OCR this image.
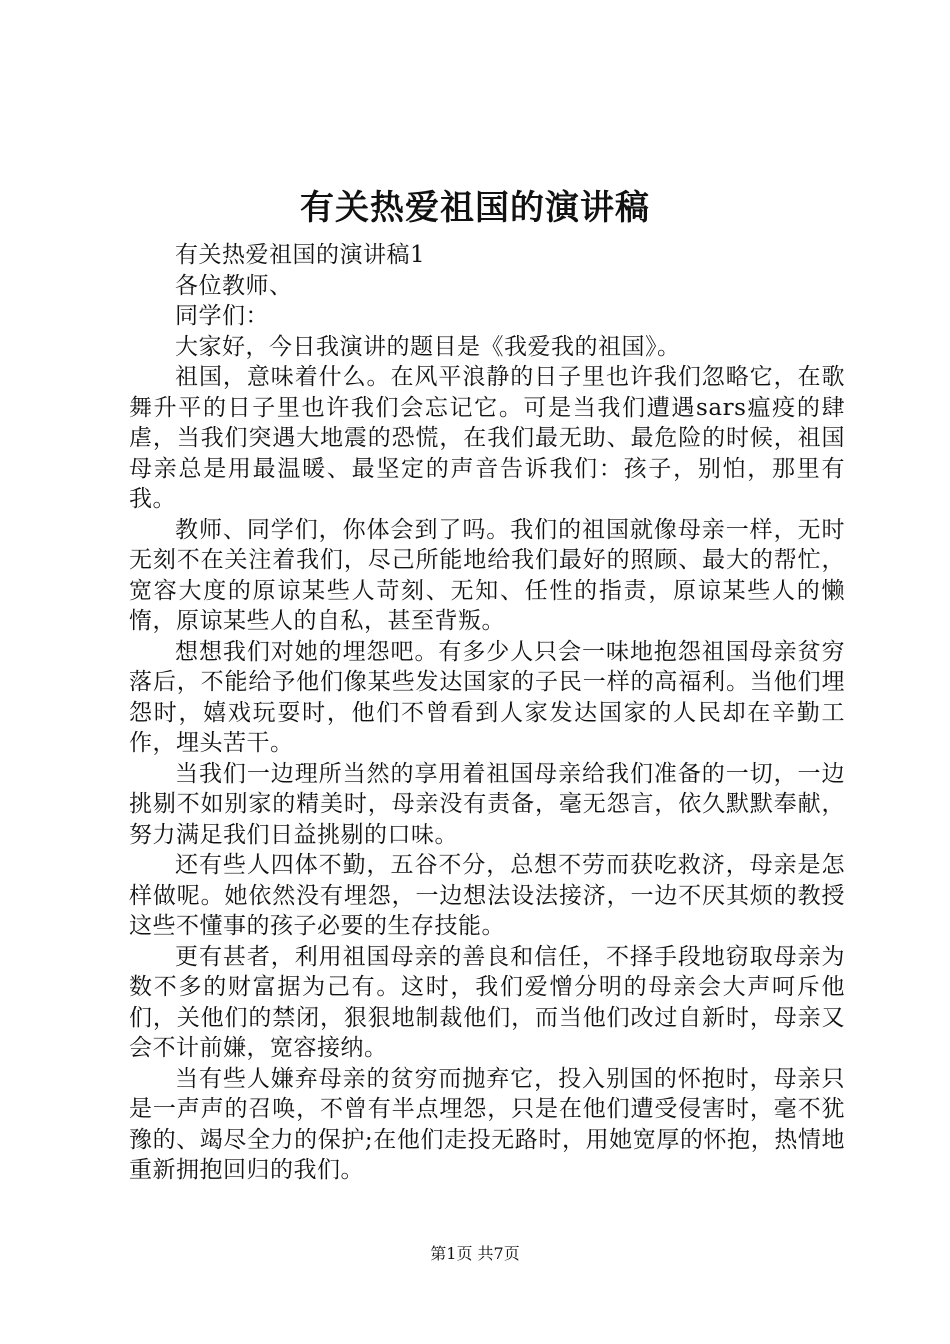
有关热爱祖国的演讲稿

有关热爱祖国的演讲稿1

各位教师、

同学们：

大家好，今日我演讲的题目是《我爱我的祖国》。

祖国，意味着什么。在风平浪静的日子里也许我们忽略它，在歌舞升平的日子里也许我们会忘记它。可是当我们遭遇sars瘟疫的肆虐，当我们突遇大地震的恐慌，在我们最无助、最危险的时候，祖国母亲总是用最温暖、最坚定的声音告诉我们：孩子，别怕，那里有我。

教师、同学们，你体会到了吗。我们的祖国就像母亲一样，无时无刻不在关注着我们，尽己所能地给我们最好的照顾、最大的帮忙，宽容大度的原谅某些人苛刻、无知、任性的指责，原谅某些人的懒惰，原谅某些人的自私，甚至背叛。

想想我们对她的埋怨吧。有多少人只会一味地抱怨祖国母亲贫穷落后，不能给予他们像某些发达国家的子民一样的高福利。当他们埋怨时，嬉戏玩耍时，他们不曾看到人家发达国家的人民却在辛勤工作，埋头苦干。

当我们一边理所当然的享用着祖国母亲给我们准备的一切，一边挑剔不如别家的精美时，母亲没有责备，毫无怨言，依久默默奉献，努力满足我们日益挑剔的口味。

还有些人四体不勤，五谷不分，总想不劳而获吃救济，母亲是怎样做呢。她依然没有埋怨，一边想法设法接济，一边不厌其烦的教授这些不懂事的孩子必要的生存技能。

更有甚者，利用祖国母亲的善良和信任，不择手段地窃取母亲为数不多的财富据为己有。这时，我们爱憎分明的母亲会大声呵斥他们，关他们的禁闭，狠狠地制裁他们，而当他们改过自新时，母亲又会不计前嫌，宽容接纳。

当有些人嫌弃母亲的贫穷而抛弃它，投入别国的怀抱时，母亲只是一声声的召唤，不曾有半点埋怨，只是在他们遭受侵害时，毫不犹豫的、竭尽全力的保护;在他们走投无路时，用她宽厚的怀抱，热情地重新拥抱回归的我们。

第1页 共7页
